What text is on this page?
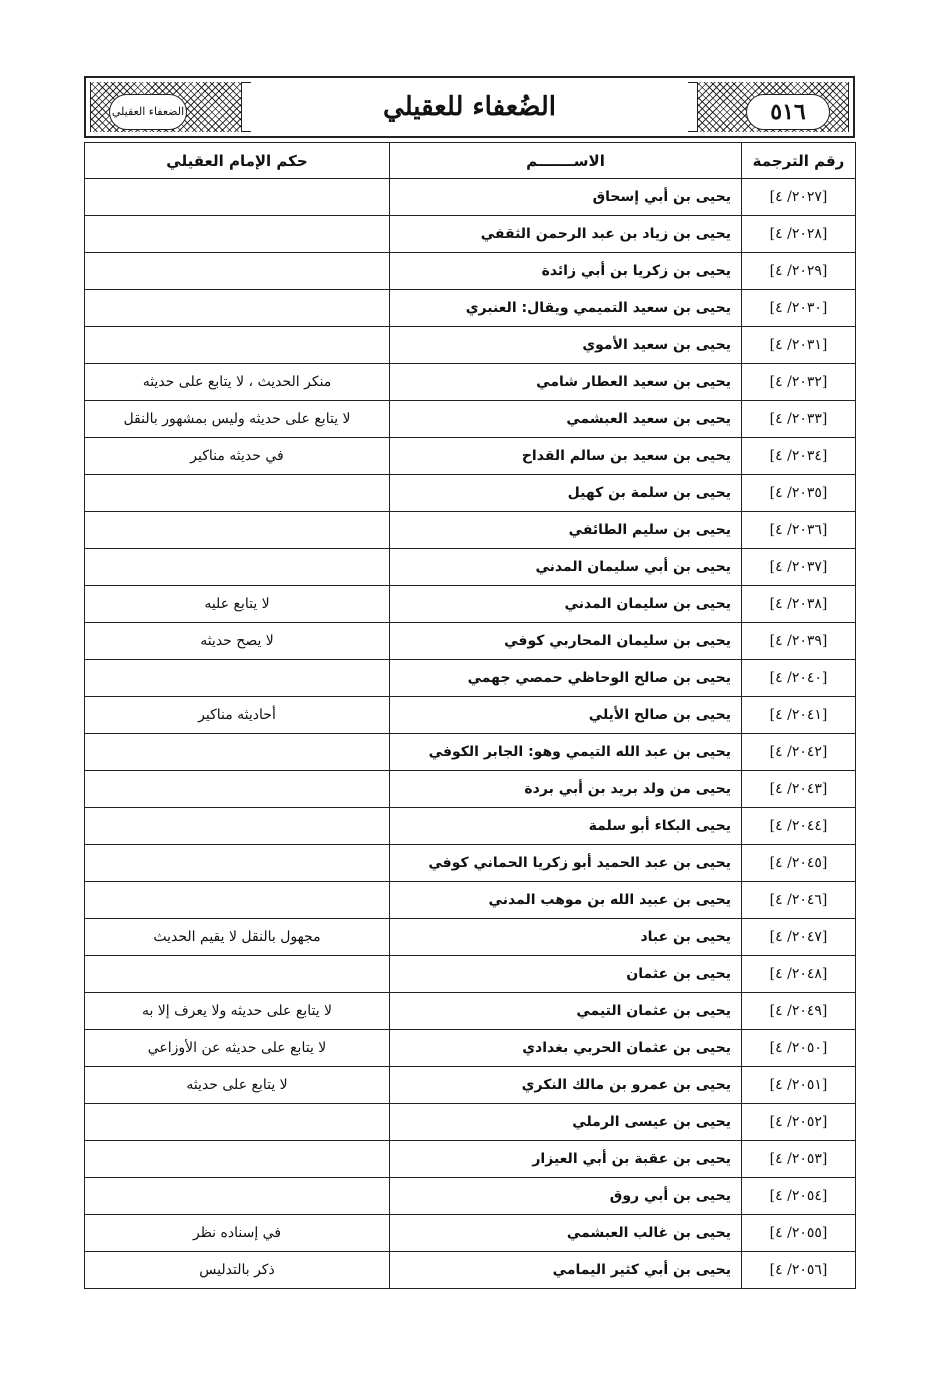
الضعفاء العقيلي	٥١٦
الضُعفاء للعقيلي
رقم الترجمة	الاســـــــم	حكم الإمام العقيلي
[٢٠٢٧/ ٤]	يحيى بن أبي إسحاق	
[٢٠٢٨/ ٤]	يحيى بن زياد بن عبد الرحمن الثقفي	
[٢٠٢٩/ ٤]	يحيى بن زكريا بن أبي زائدة	
[٢٠٣٠/ ٤]	يحيى بن سعيد التميمي ويقال: العنبري	
[٢٠٣١/ ٤]	يحيى بن سعيد الأموي	
[٢٠٣٢/ ٤]	يحيى بن سعيد العطار شامي	منكر الحديث ، لا يتابع على حديثه
[٢٠٣٣/ ٤]	يحيى بن سعيد العبشمي	لا يتابع على حديثه وليس بمشهور بالنقل
[٢٠٣٤/ ٤]	يحيى بن سعيد بن سالم القداح	في حديثه مناكير
[٢٠٣٥/ ٤]	يحيى بن سلمة بن كهيل	
[٢٠٣٦/ ٤]	يحيى بن سليم الطائفي	
[٢٠٣٧/ ٤]	يحيى بن أبي سليمان المدني	
[٢٠٣٨/ ٤]	يحيى بن سليمان المدني	لا يتابع عليه
[٢٠٣٩/ ٤]	يحيى بن سليمان المحاربي كوفي	لا يصح حديثه
[٢٠٤٠/ ٤]	يحيى بن صالح الوحاظي حمصي جهمي	
[٢٠٤١/ ٤]	يحيى بن صالح الأيلي	أحاديثه مناكير
[٢٠٤٢/ ٤]	يحيى بن عبد الله التيمي وهو: الجابر الكوفي	
[٢٠٤٣/ ٤]	يحيى من ولد بريد بن أبي بردة	
[٢٠٤٤/ ٤]	يحيى البكاء أبو سلمة	
[٢٠٤٥/ ٤]	يحيى بن عبد الحميد أبو زكريا الحماني كوفي	
[٢٠٤٦/ ٤]	يحيى بن عبيد الله بن موهب المدني	
[٢٠٤٧/ ٤]	يحيى بن عباد	مجهول بالنقل لا يقيم الحديث
[٢٠٤٨/ ٤]	يحيى بن عثمان	
[٢٠٤٩/ ٤]	يحيى بن عثمان التيمي	لا يتابع على حديثه ولا يعرف إلا به
[٢٠٥٠/ ٤]	يحيى بن عثمان الحربي بغدادي	لا يتابع على حديثه عن الأوزاعي
[٢٠٥١/ ٤]	يحيى بن عمرو بن مالك النكري	لا يتابع على حديثه
[٢٠٥٢/ ٤]	يحيى بن عيسى الرملي	
[٢٠٥٣/ ٤]	يحيى بن عقبة بن أبي العيزار	
[٢٠٥٤/ ٤]	يحيى بن أبي روق	
[٢٠٥٥/ ٤]	يحيى بن غالب العبشمي	في إسناده نظر
[٢٠٥٦/ ٤]	يحيى بن أبي كثير اليمامي	ذكر بالتدليس
